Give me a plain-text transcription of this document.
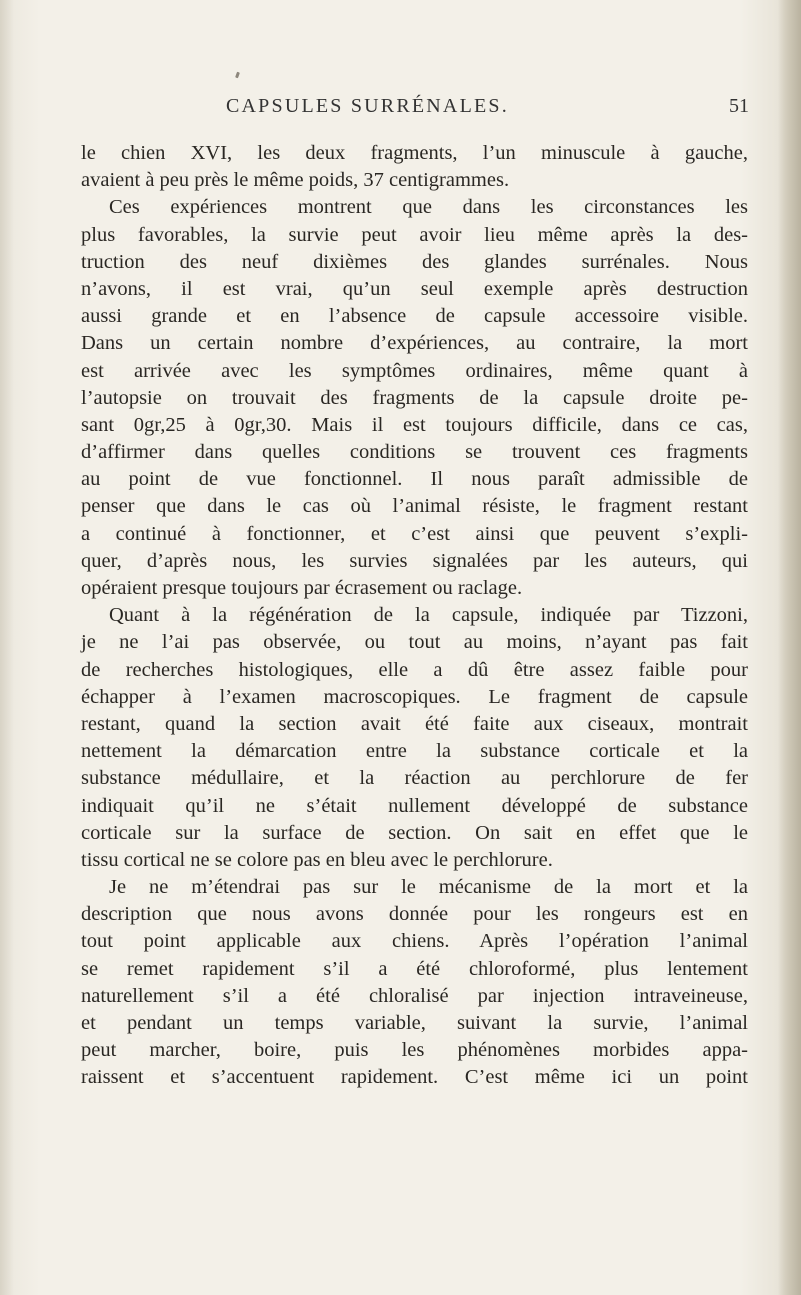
CAPSULES SURRÉNALES.	51
le chien XVI, les deux fragments, l’un minuscule à gauche,
avaient à peu près le même poids, 37 centigrammes.
Ces expériences montrent que dans les circonstances les
plus favorables, la survie peut avoir lieu même après la des-
truction des neuf dixièmes des glandes surrénales. Nous
n’avons, il est vrai, qu’un seul exemple après destruction
aussi grande et en l’absence de capsule accessoire visible.
Dans un certain nombre d’expériences, au contraire, la mort
est arrivée avec les symptômes ordinaires, même quant à
l’autopsie on trouvait des fragments de la capsule droite pe-
sant 0gr,25 à 0gr,30. Mais il est toujours difficile, dans ce cas,
d’affirmer dans quelles conditions se trouvent ces fragments
au point de vue fonctionnel. Il nous paraît admissible de
penser que dans le cas où l’animal résiste, le fragment restant
a continué à fonctionner, et c’est ainsi que peuvent s’expli-
quer, d’après nous, les survies signalées par les auteurs, qui
opéraient presque toujours par écrasement ou raclage.
Quant à la régénération de la capsule, indiquée par Tizzoni,
je ne l’ai pas observée, ou tout au moins, n’ayant pas fait
de recherches histologiques, elle a dû être assez faible pour
échapper à l’examen macroscopiques. Le fragment de capsule
restant, quand la section avait été faite aux ciseaux, montrait
nettement la démarcation entre la substance corticale et la
substance médullaire, et la réaction au perchlorure de fer
indiquait qu’il ne s’était nullement développé de substance
corticale sur la surface de section. On sait en effet que le
tissu cortical ne se colore pas en bleu avec le perchlorure.
Je ne m’étendrai pas sur le mécanisme de la mort et la
description que nous avons donnée pour les rongeurs est en
tout point applicable aux chiens. Après l’opération l’animal
se remet rapidement s’il a été chloroformé, plus lentement
naturellement s’il a été chloralisé par injection intraveineuse,
et pendant un temps variable, suivant la survie, l’animal
peut marcher, boire, puis les phénomènes morbides appa-
raissent et s’accentuent rapidement. C’est même ici un point
